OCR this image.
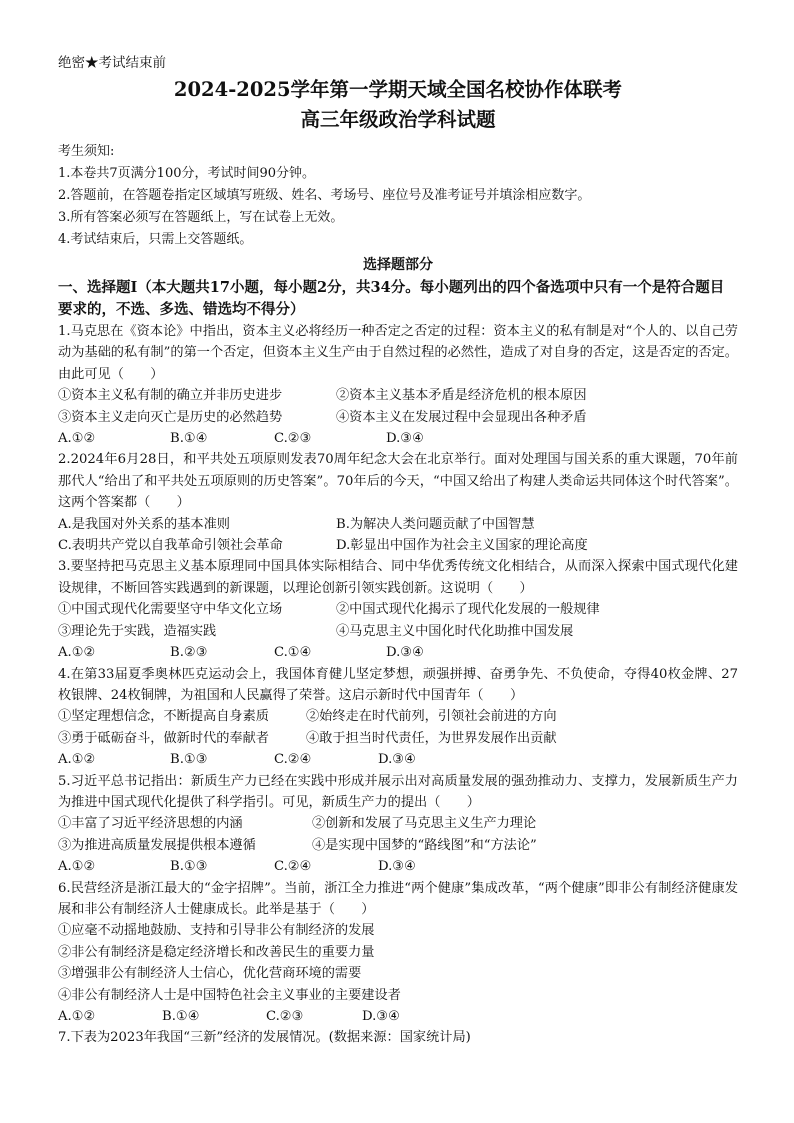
绝密★考试结束前
2024-2025学年第一学期天域全国名校协作体联考
高三年级政治学科试题
考生须知:
1.本卷共7页满分100分，考试时间90分钟。
2.答题前，在答题卷指定区域填写班级、姓名、考场号、座位号及准考证号并填涂相应数字。
3.所有答案必须写在答题纸上，写在试卷上无效。
4.考试结束后，只需上交答题纸。
选择题部分
一、选择题Ⅰ（本大题共17小题，每小题2分，共34分。每小题列出的四个备选项中只有一个是符合题目要求的，不选、多选、错选均不得分）
1.马克思在《资本论》中指出，资本主义必将经历一种否定之否定的过程：资本主义的私有制是对“个人的、以自己劳动为基础的私有制”的第一个否定，但资本主义生产由于自然过程的必然性，造成了对自身的否定，这是否定的否定。由此可见（　　）
①资本主义私有制的确立并非历史进步	②资本主义基本矛盾是经济危机的根本原因
③资本主义走向灭亡是历史的必然趋势	④资本主义在发展过程中会显现出各种矛盾
A.①②	B.①④	C.②③	D.③④
2.2024年6月28日，和平共处五项原则发表70周年纪念大会在北京举行。面对处理国与国关系的重大课题，70年前那代人“给出了和平共处五项原则的历史答案”。70年后的今天，“中国又给出了构建人类命运共同体这个时代答案”。这两个答案都（　　）
A.是我国对外关系的基本准则	B.为解决人类问题贡献了中国智慧
C.表明共产党以自我革命引领社会革命	D.彰显出中国作为社会主义国家的理论高度
3.要坚持把马克思主义基本原理同中国具体实际相结合、同中华优秀传统文化相结合，从而深入探索中国式现代化建设规律，不断回答实践遇到的新课题，以理论创新引领实践创新。这说明（　　）
①中国式现代化需要坚守中华文化立场	②中国式现代化揭示了现代化发展的一般规律
③理论先于实践，造福实践	④马克思主义中国化时代化助推中国发展
A.①②	B.②③	C.①④	D.③④
4.在第33届夏季奥林匹克运动会上，我国体育健儿坚定梦想，顽强拼搏、奋勇争先、不负使命，夺得40枚金牌、27枚银牌、24枚铜牌，为祖国和人民赢得了荣誉。这启示新时代中国青年（　　）
①坚定理想信念，不断提高自身素质	②始终走在时代前列，引领社会前进的方向
③勇于砥砺奋斗，做新时代的奉献者	④敢于担当时代责任，为世界发展作出贡献
A.①②	B.①③	C.②④	D.③④
5.习近平总书记指出：新质生产力已经在实践中形成并展示出对高质量发展的强劲推动力、支撑力，发展新质生产力为推进中国式现代化提供了科学指引。可见，新质生产力的提出（　　）
①丰富了习近平经济思想的内涵	②创新和发展了马克思主义生产力理论
③为推进高质量发展提供根本遵循	④是实现中国梦的“路线图”和“方法论”
A.①②	B.①③	C.②④	D.③④
6.民营经济是浙江最大的“金字招牌”。当前，浙江全力推进“两个健康”集成改革，“两个健康”即非公有制经济健康发展和非公有制经济人士健康成长。此举是基于（　　）
①应毫不动摇地鼓励、支持和引导非公有制经济的发展
②非公有制经济是稳定经济增长和改善民生的重要力量
③增强非公有制经济人士信心，优化营商环境的需要
④非公有制经济人士是中国特色社会主义事业的主要建设者
A.①②	B.①④	C.②③	D.③④
7.下表为2023年我国“三新”经济的发展情况。(数据来源：国家统计局)
